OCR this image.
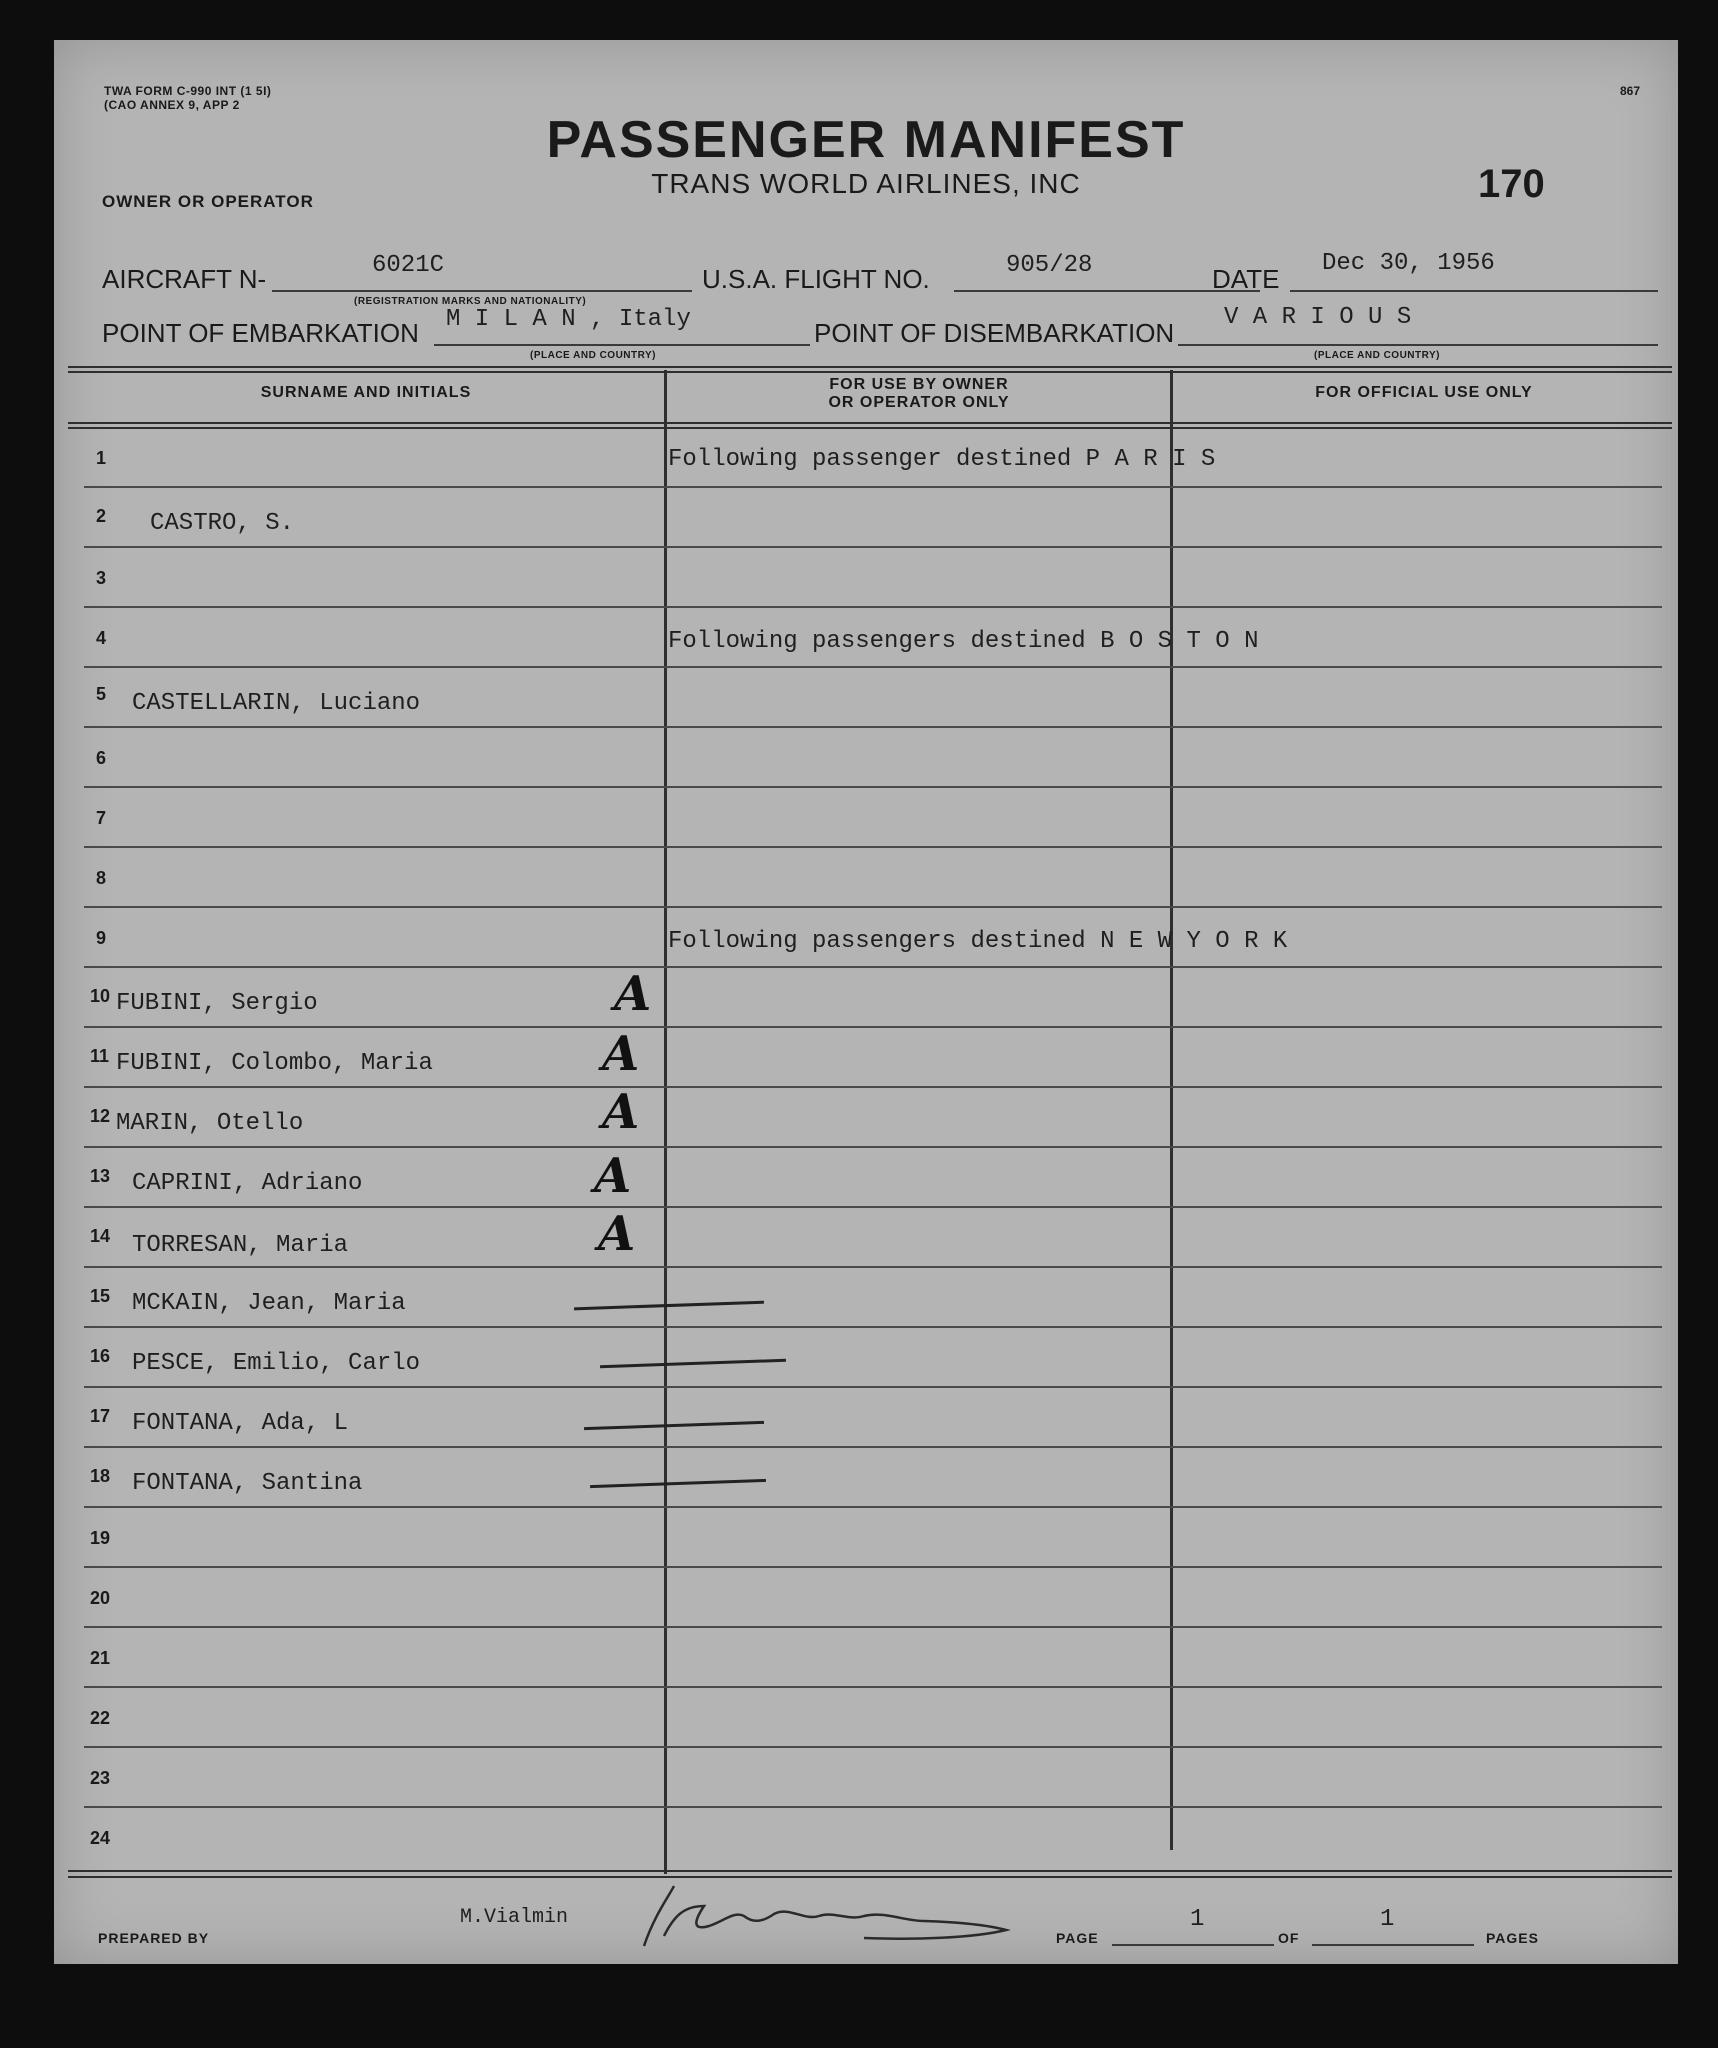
TWA FORM C-990 INT (1 5I)
(CAO ANNEX 9, APP 2
867
PASSENGER MANIFEST
TRANS WORLD AIRLINES, INC
OWNER OR OPERATOR	170
AIRCRAFT N-	6021C
(REGISTRATION MARKS AND NATIONALITY)
U.S.A. FLIGHT NO.	905/28	DATE
Dec 30, 1956
POINT OF EMBARKATION M I L A N , Italy
(PLACE AND COUNTRY)
POINT OF DISEMBARKATION
V A R I O U S
(PLACE AND COUNTRY)
SURNAME AND INITIALS	FOR USE BY OWNER
OR OPERATOR ONLY
FOR OFFICIAL USE ONLY
1	Following passenger destined P A R I S
2 CASTRO, S.
3
4	Following passengers destined B O S T O N
5 CASTELLARIN, Luciano
6
7
8
9	Following passengers destined N E W Y O R K
10 FUBINI, Sergio	A
11 FUBINI, Colombo, Maria	A
12 MARIN, Otello	A
13 CAPRINI, Adriano	A
14 TORRESAN, Maria	A
15 MCKAIN, Jean, Maria
16 PESCE, Emilio, Carlo
17 FONTANA, Ada, L
18 FONTANA, Santina
19
20
21
22
23
24
PREPARED BY
M.Vialmin
PAGE
1
OF
1
PAGES
